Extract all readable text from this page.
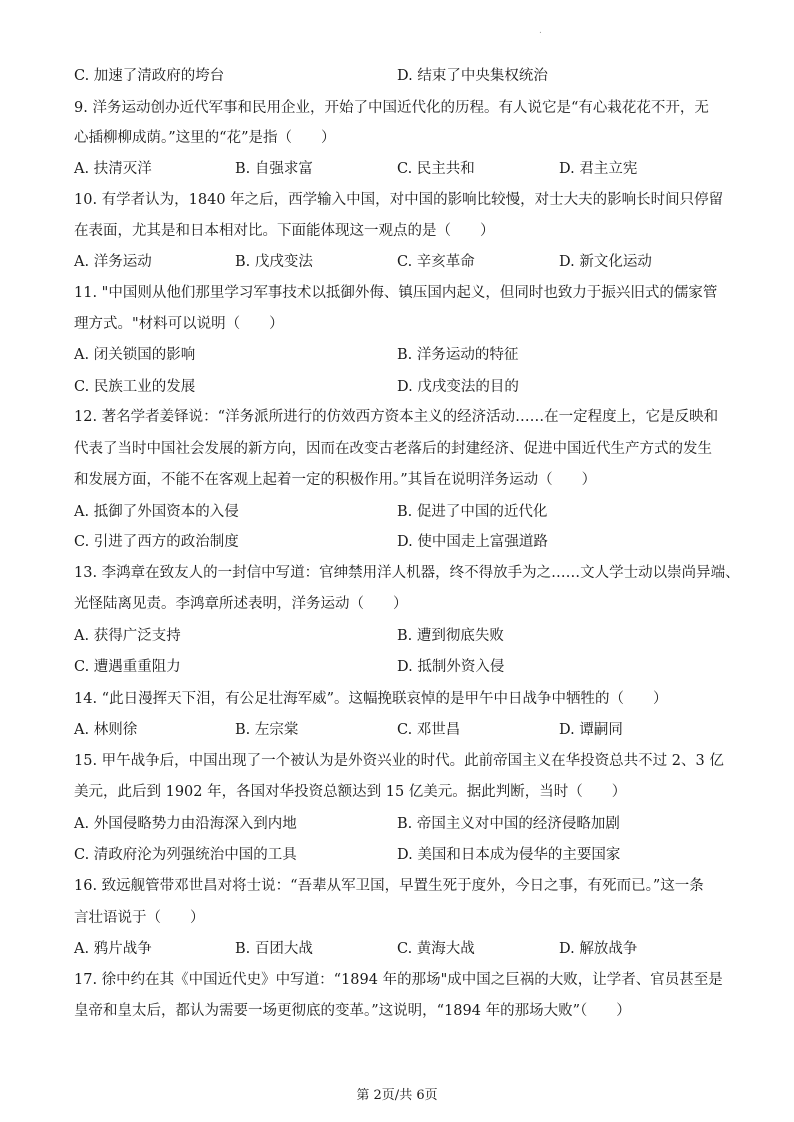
.
C. 加速了清政府的垮台	D. 结束了中央集权统治
9. 洋务运动创办近代军事和民用企业，开始了中国近代化的历程。有人说它是“有心栽花花不开，无
心插柳柳成荫。”这里的“花”是指（　　）
A. 扶清灭洋	B. 自强求富	C. 民主共和	D. 君主立宪
10. 有学者认为，1840 年之后，西学输入中国，对中国的影响比较慢，对士大夫的影响长时间只停留
在表面，尤其是和日本相对比。下面能体现这一观点的是（　　）
A. 洋务运动	B. 戊戌变法	C. 辛亥革命	D. 新文化运动
11. "中国则从他们那里学习军事技术以抵御外侮、镇压国内起义，但同时也致力于振兴旧式的儒家管
理方式。"材料可以说明（　　）
A. 闭关锁国的影响	B. 洋务运动的特征
C. 民族工业的发展	D. 戊戌变法的目的
12. 著名学者姜铎说：“洋务派所进行的仿效西方资本主义的经济活动……在一定程度上，它是反映和
代表了当时中国社会发展的新方向，因而在改变古老落后的封建经济、促进中国近代生产方式的发生
和发展方面，不能不在客观上起着一定的积极作用。”其旨在说明洋务运动（　　）
A. 抵御了外国资本的入侵	B. 促进了中国的近代化
C. 引进了西方的政治制度	D. 使中国走上富强道路
13. 李鸿章在致友人的一封信中写道：官绅禁用洋人机器，终不得放手为之……文人学士动以崇尚异端、
光怪陆离见责。李鸿章所述表明，洋务运动（　　）
A. 获得广泛支持	B. 遭到彻底失败
C. 遭遇重重阻力	D. 抵制外资入侵
14. “此日漫挥天下泪，有公足壮海军威”。这幅挽联哀悼的是甲午中日战争中牺牲的（　　）
A. 林则徐	B. 左宗棠	C. 邓世昌	D. 谭嗣同
15. 甲午战争后，中国出现了一个被认为是外资兴业的时代。此前帝国主义在华投资总共不过 2、3 亿
美元，此后到 1902 年，各国对华投资总额达到 15 亿美元。据此判断，当时（　　）
A. 外国侵略势力由沿海深入到内地	B. 帝国主义对中国的经济侵略加剧
C. 清政府沦为列强统治中国的工具	D. 美国和日本成为侵华的主要国家
16. 致远舰管带邓世昌对将士说：“吾辈从军卫国，早置生死于度外，今日之事，有死而已。”这一条
言壮语说于（　　）
A. 鸦片战争	B. 百团大战	C. 黄海大战	D. 解放战争
17. 徐中约在其《中国近代史》中写道：“1894 年的那场"成中国之巨祸的大败，让学者、官员甚至是
皇帝和皇太后，都认为需要一场更彻底的变革。”这说明，“1894 年的那场大败”（　　）
第 2页/共 6页
